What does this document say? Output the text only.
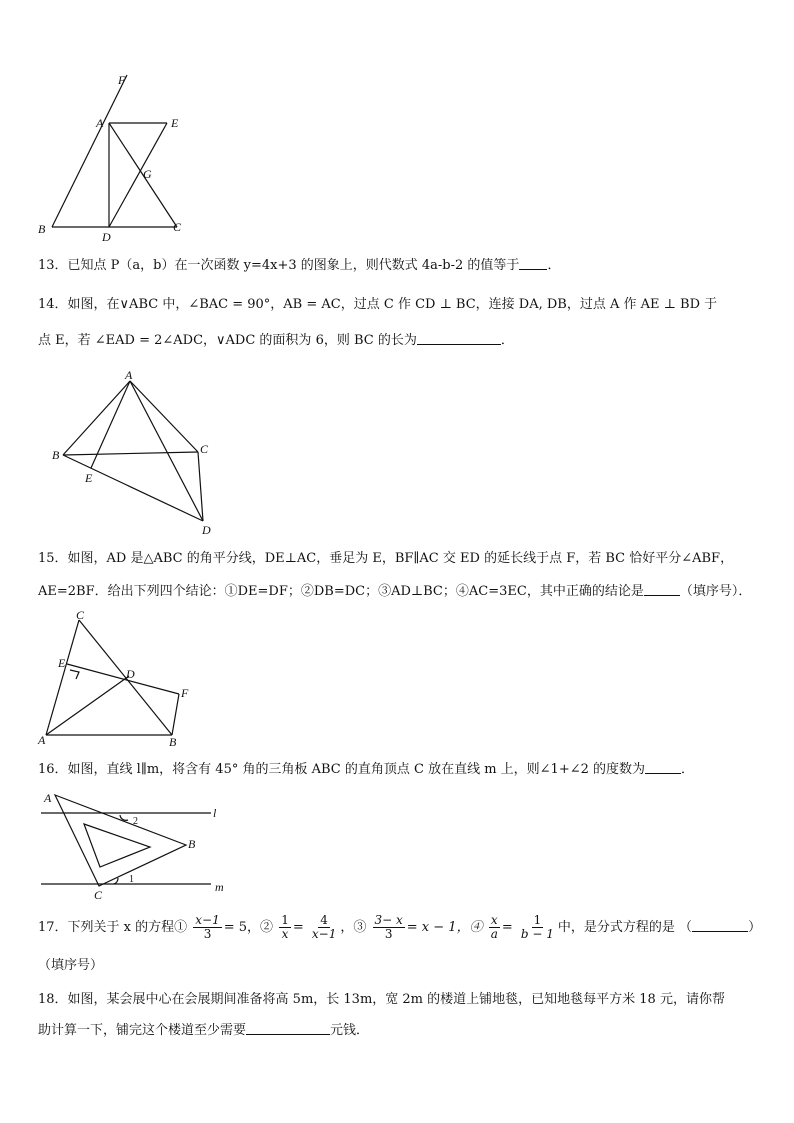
F
A	E
G
B
D
C
13．已知点 P（a，b）在一次函数 y=4x+3 的图象上，则代数式 4a-b-2 的值等于 ．
14．如图，在∨ABC 中，∠BAC = 90°，AB = AC，过点 C 作 CD ⊥ BC，连接 DA, DB，过点 A 作 AE ⊥ BD 于
点 E，若 ∠EAD = 2∠ADC，∨ADC 的面积为 6，则 BC 的长为	．
A
B	C
E
D
15．如图，AD 是△ABC 的角平分线，DE⊥AC，垂足为 E，BF∥AC 交 ED 的延长线于点 F，若 BC 恰好平分∠ABF，
AE=2BF．给出下列四个结论：①DE=DF；②DB=DC；③AD⊥BC；④AC=3EC，其中正确的结论是	（填序号）．
C
E
D
F
A	B
16．如图，直线 l∥m，将含有 45° 角的三角板 ABC 的直角顶点 C 放在直线 m 上，则∠1+∠2 的度数为	．
A
l
2
B
C
1
m
17．下列关于 x 的方程① $\frac{x-1}{3} = 5$，② $\frac{1}{x} = \frac{4}{x-1}$ ，③ $\frac{3- x}{3} = x - 1$，④ $\frac{x}{a} = \frac{1}{b - 1}$ 中，是分式方程的是 （	）
（填序号）
18．如图，某会展中心在会展期间准备将高 5m，长 13m，宽 2m 的楼道上铺地毯，已知地毯每平方米 18 元，请你帮
助计算一下，铺完这个楼道至少需要	元钱．
